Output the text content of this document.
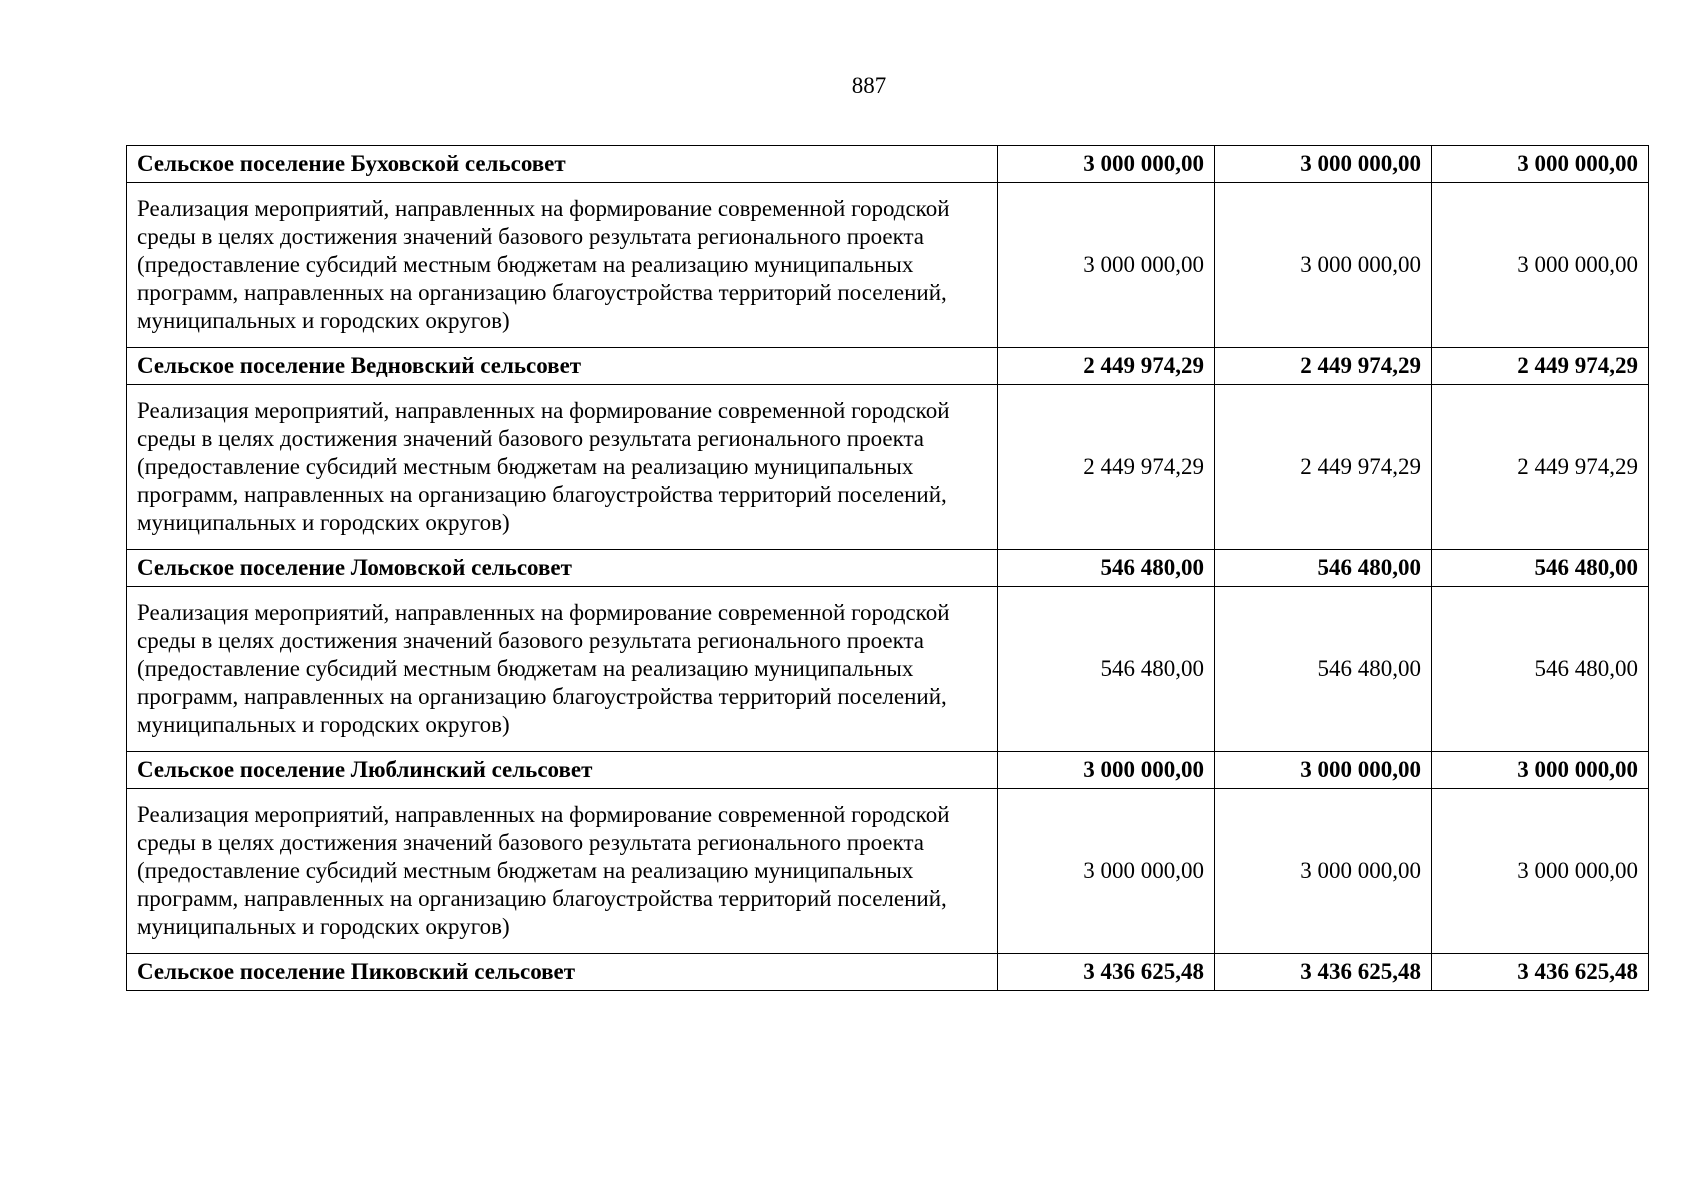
887
Сельское поселение Буховской сельсовет	3 000 000,00	3 000 000,00	3 000 000,00
Реализация мероприятий, направленных на формирование современной городской среды в целях достижения значений базового результата регионального проекта (предоставление субсидий местным бюджетам на реализацию муниципальных программ, направленных на организацию благоустройства территорий поселений, муниципальных и городских округов)	3 000 000,00	3 000 000,00	3 000 000,00
Сельское поселение Ведновский сельсовет	2 449 974,29	2 449 974,29	2 449 974,29
Реализация мероприятий, направленных на формирование современной городской среды в целях достижения значений базового результата регионального проекта (предоставление субсидий местным бюджетам на реализацию муниципальных программ, направленных на организацию благоустройства территорий поселений, муниципальных и городских округов)	2 449 974,29	2 449 974,29	2 449 974,29
Сельское поселение Ломовской сельсовет	546 480,00	546 480,00	546 480,00
Реализация мероприятий, направленных на формирование современной городской среды в целях достижения значений базового результата регионального проекта (предоставление субсидий местным бюджетам на реализацию муниципальных программ, направленных на организацию благоустройства территорий поселений, муниципальных и городских округов)	546 480,00	546 480,00	546 480,00
Сельское поселение Люблинский сельсовет	3 000 000,00	3 000 000,00	3 000 000,00
Реализация мероприятий, направленных на формирование современной городской среды в целях достижения значений базового результата регионального проекта (предоставление субсидий местным бюджетам на реализацию муниципальных программ, направленных на организацию благоустройства территорий поселений, муниципальных и городских округов)	3 000 000,00	3 000 000,00	3 000 000,00
Сельское поселение Пиковский сельсовет	3 436 625,48	3 436 625,48	3 436 625,48
